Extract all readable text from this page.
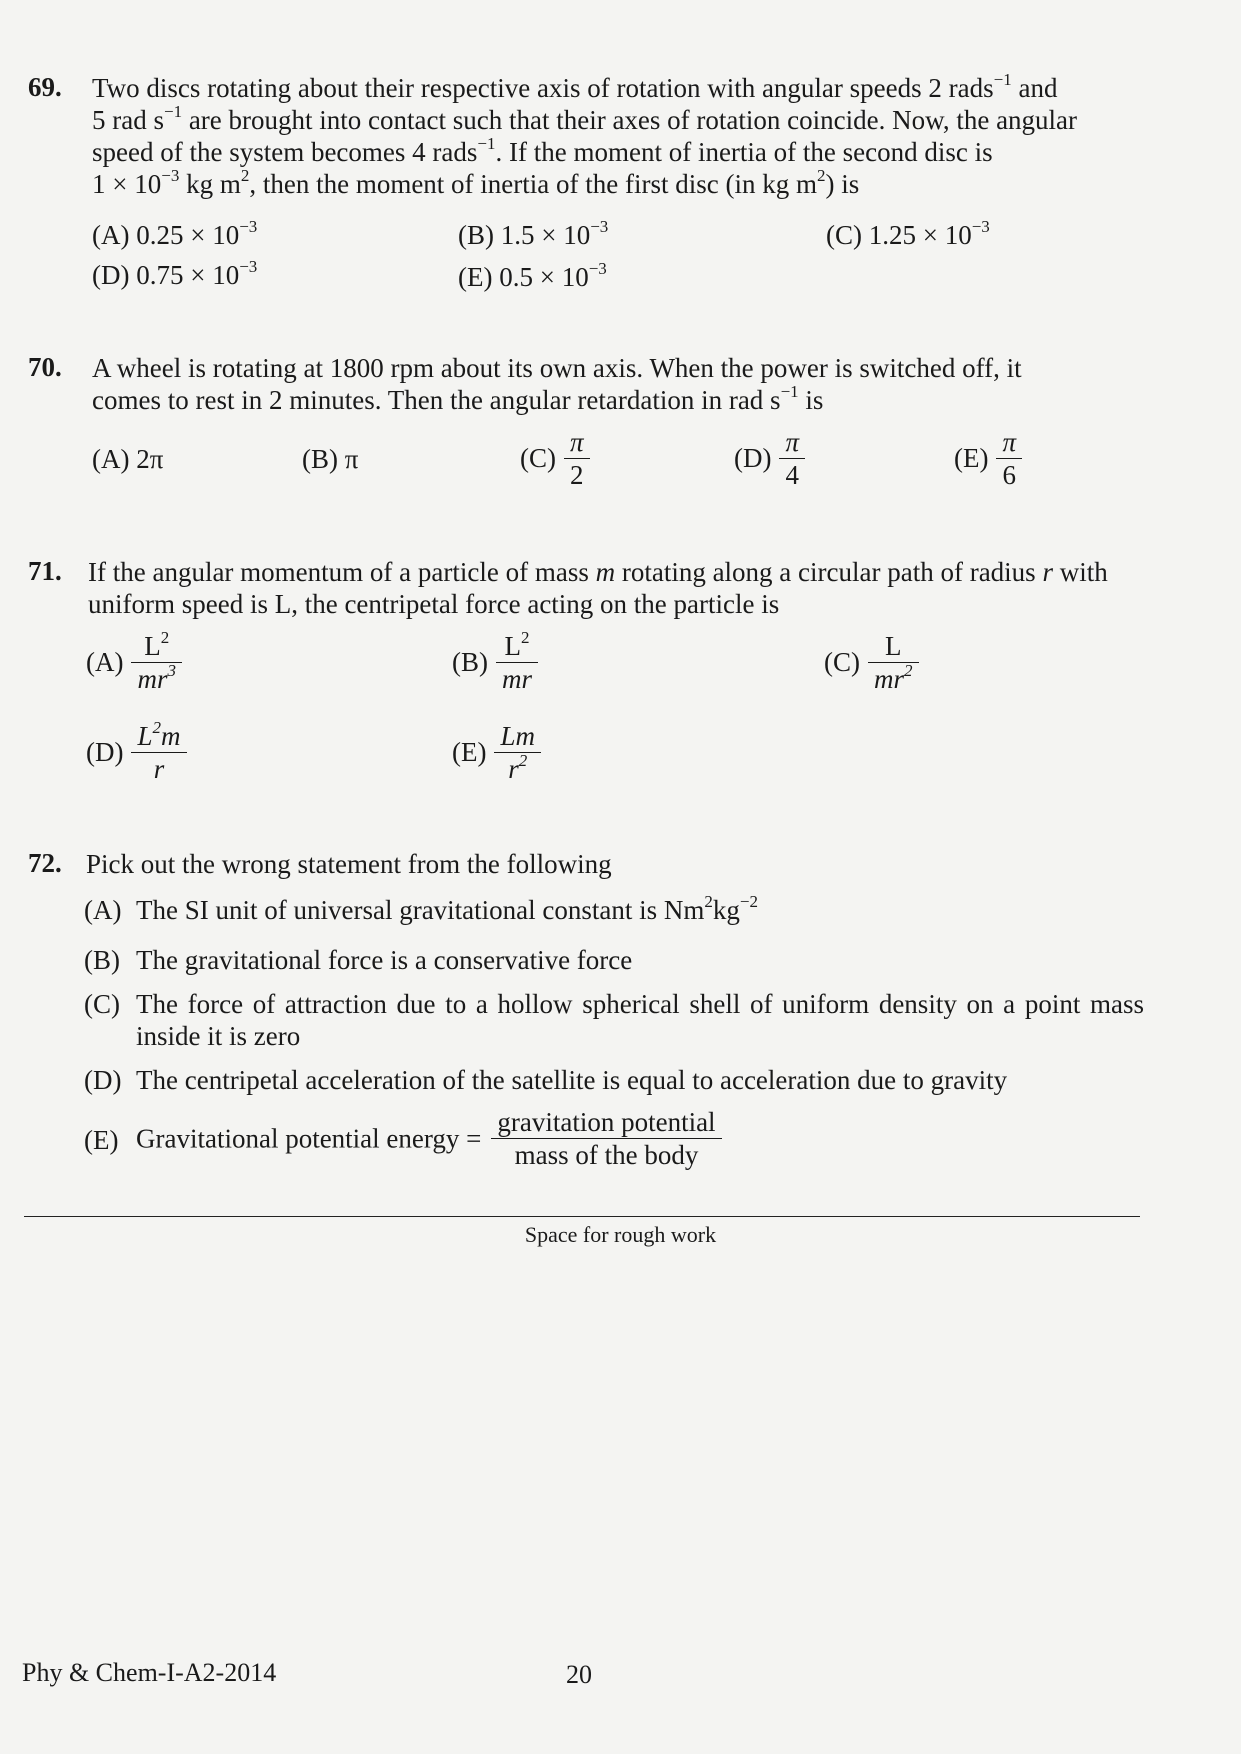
69. Two discs rotating about their respective axis of rotation with angular speeds 2 rads$^{-1}$ and
5 rad $s^{-1}$ are brought into contact such that their axes of rotation coincide. Now, the angular
speed of the system becomes 4 rads$^{-1}$. If the moment of inertia of the second disc is
$1 \times 10^{-3}$ kg $m^2$, then the moment of inertia of the first disc (in kg $m^2$) is
(A) $0.25 \times 10^{-3}$	(B) $1.5 \times 10^{-3}$	(C) $1.25 \times 10^{-3}$
(D) $0.75 \times 10^{-3}$	(E) $0.5 \times 10^{-3}$
70. A wheel is rotating at 1800 rpm about its own axis. When the power is switched off, it
comes to rest in 2 minutes. Then the angular retardation in rad $s^{-1}$ is
(A) 2π	(B) π	$(C) \frac{\pi}{2}$	$(D) \frac{\pi}{4}$	$(E) \frac{\pi}{6}$
71. If the angular momentum of a particle of mass m rotating along a circular path of radius r with
uniform speed is L, the centripetal force acting on the particle is
$(A) \frac{L^2}{mr^3}$	$(B) \frac{L^2}{mr}$	$(C) \frac{L}{mr^2}$
$(D) \frac{L^2m}{r}$	$(E) \frac{Lm}{r^2}$
72. Pick out the wrong statement from the following
(A) The SI unit of universal gravitational constant is $Nm^2kg^{-2}$
(B) The gravitational force is a conservative force
(C) The force of attraction due to a hollow spherical shell of uniform density on a point mass inside it is zero
(D) The centripetal acceleration of the satellite is equal to acceleration due to gravity
(E) Gravitational potential energy = $\frac{\text{gravitation potential}}{\text{mass of the body}}$
Space for rough work
Phy & Chem-I-A2-2014	20
